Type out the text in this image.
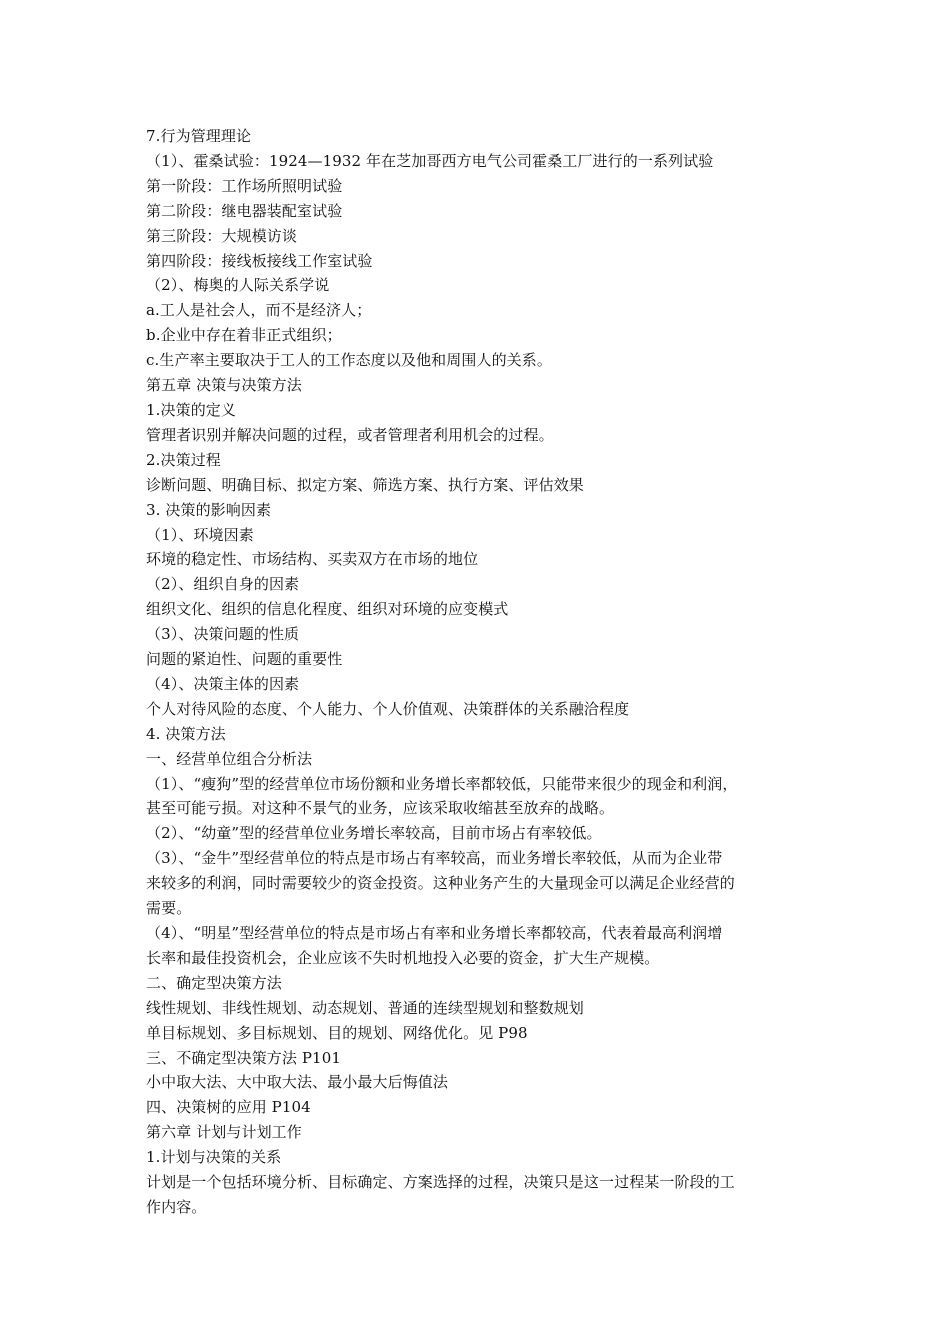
7.行为管理理论
（1）、霍桑试验：1924—1932 年在芝加哥西方电气公司霍桑工厂进行的一系列试验
第一阶段：工作场所照明试验
第二阶段：继电器装配室试验
第三阶段：大规模访谈
第四阶段：接线板接线工作室试验
（2）、梅奥的人际关系学说
a.工人是社会人，而不是经济人；
b.企业中存在着非正式组织；
c.生产率主要取决于工人的工作态度以及他和周围人的关系。
第五章 决策与决策方法
1.决策的定义
管理者识别并解决问题的过程，或者管理者利用机会的过程。
2.决策过程
诊断问题、明确目标、拟定方案、筛选方案、执行方案、评估效果
3. 决策的影响因素
（1）、环境因素
环境的稳定性、市场结构、买卖双方在市场的地位
（2）、组织自身的因素
组织文化、组织的信息化程度、组织对环境的应变模式
（3）、决策问题的性质
问题的紧迫性、问题的重要性
（4）、决策主体的因素
个人对待风险的态度、个人能力、个人价值观、决策群体的关系融洽程度
4. 决策方法
一、经营单位组合分析法
（1）、“瘦狗”型的经营单位市场份额和业务增长率都较低，只能带来很少的现金和利润，
甚至可能亏损。对这种不景气的业务，应该采取收缩甚至放弃的战略。
（2）、“幼童”型的经营单位业务增长率较高，目前市场占有率较低。
（3）、“金牛”型经营单位的特点是市场占有率较高，而业务增长率较低，从而为企业带
来较多的利润，同时需要较少的资金投资。这种业务产生的大量现金可以满足企业经营的
需要。
（4）、“明星”型经营单位的特点是市场占有率和业务增长率都较高，代表着最高利润增
长率和最佳投资机会，企业应该不失时机地投入必要的资金，扩大生产规模。
二、确定型决策方法
线性规划、非线性规划、动态规划、普通的连续型规划和整数规划
单目标规划、多目标规划、目的规划、网络优化。见 P98
三、不确定型决策方法 P101
小中取大法、大中取大法、最小最大后悔值法
四、决策树的应用 P104
第六章 计划与计划工作
1.计划与决策的关系
计划是一个包括环境分析、目标确定、方案选择的过程，决策只是这一过程某一阶段的工
作内容。
